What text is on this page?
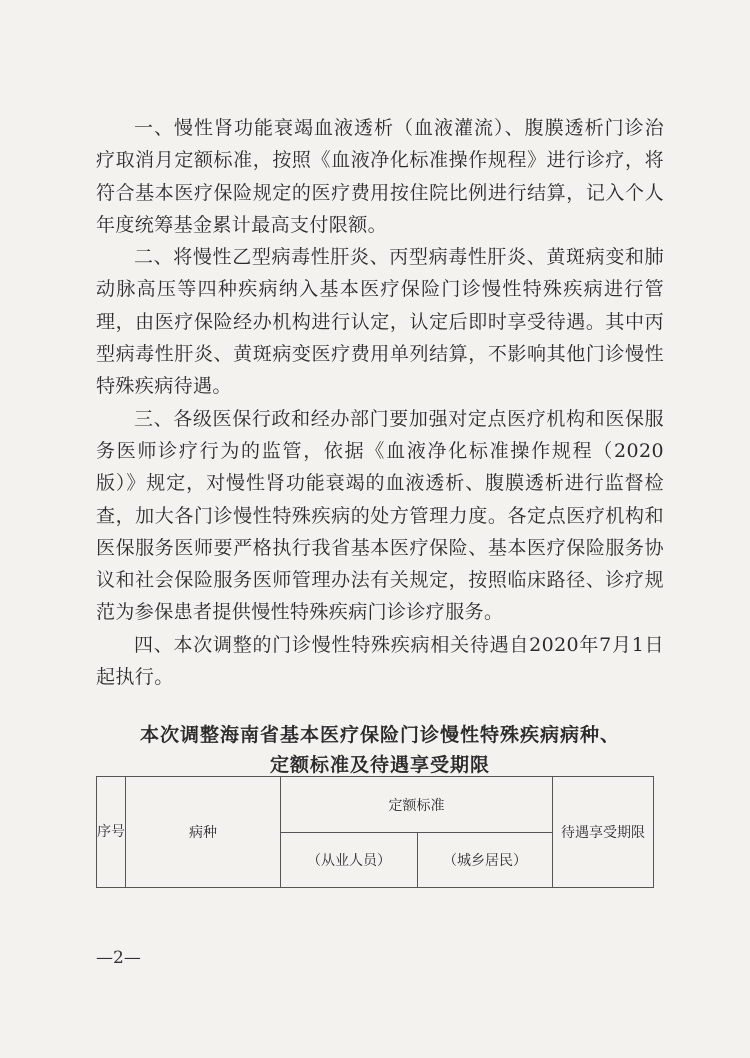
一、慢性肾功能衰竭血液透析（血液灌流）、腹膜透析门诊治疗取消月定额标准，按照《血液净化标准操作规程》进行诊疗，将符合基本医疗保险规定的医疗费用按住院比例进行结算，记入个人年度统筹基金累计最高支付限额。

二、将慢性乙型病毒性肝炎、丙型病毒性肝炎、黄斑病变和肺动脉高压等四种疾病纳入基本医疗保险门诊慢性特殊疾病进行管理，由医疗保险经办机构进行认定，认定后即时享受待遇。其中丙型病毒性肝炎、黄斑病变医疗费用单列结算，不影响其他门诊慢性特殊疾病待遇。

三、各级医保行政和经办部门要加强对定点医疗机构和医保服务医师诊疗行为的监管，依据《血液净化标准操作规程（2020版）》规定，对慢性肾功能衰竭的血液透析、腹膜透析进行监督检查，加大各门诊慢性特殊疾病的处方管理力度。各定点医疗机构和医保服务医师要严格执行我省基本医疗保险、基本医疗保险服务协议和社会保险服务医师管理办法有关规定，按照临床路径、诊疗规范为参保患者提供慢性特殊疾病门诊诊疗服务。

四、本次调整的门诊慢性特殊疾病相关待遇自2020年7月1日起执行。

本次调整海南省基本医疗保险门诊慢性特殊疾病病种、
定额标准及待遇享受期限
序号	病种	定额标准		待遇享受期限
		（从业人员）	（城乡居民）	
—2—
